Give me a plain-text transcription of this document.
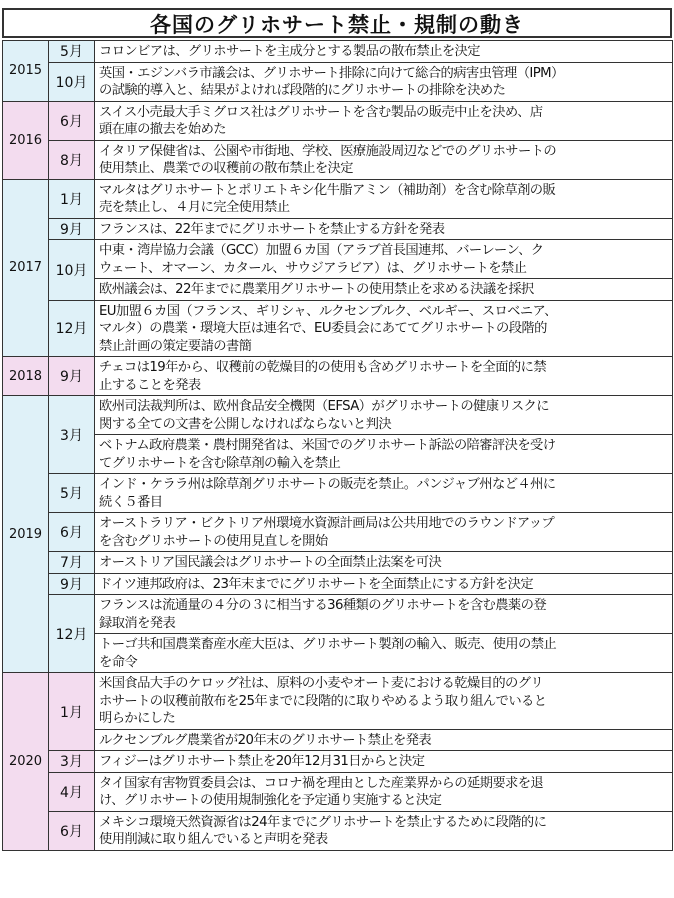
各国のグリホサート禁止・規制の動き
2015	5月	コロンビアは、グリホサートを主成分とする製品の散布禁止を決定

	10月	英国・エジンバラ市議会は、グリホサート排除に向けて総合的病害虫管理（IPM）
の試験的導入と、結果がよければ段階的にグリホサートの排除を決めた

2016	6月	スイス小売最大手ミグロス社はグリホサートを含む製品の販売中止を決め、店
頭在庫の撤去を始めた

	8月	イタリア保健省は、公園や市街地、学校、医療施設周辺などでのグリホサートの
使用禁止、農業での収穫前の散布禁止を決定

2017	1月	マルタはグリホサートとポリエトキシ化牛脂アミン（補助剤）を含む除草剤の販
売を禁止し、４月に完全使用禁止

	9月	フランスは、22年までにグリホサートを禁止する方針を発表

	10月	中東・湾岸協力会議（GCC）加盟６カ国（アラブ首長国連邦、バーレーン、ク
ウェート、オマーン、カタール、サウジアラビア）は、グリホサートを禁止

		欧州議会は、22年までに農業用グリホサートの使用禁止を求める決議を採択

	12月	EU加盟６カ国（フランス、ギリシャ、ルクセンブルク、ベルギー、スロベニア、
マルタ）の農業・環境大臣は連名で、EU委員会にあててグリホサートの段階的
禁止計画の策定要請の書簡

2018	9月	チェコは19年から、収穫前の乾燥目的の使用も含めグリホサートを全面的に禁
止することを発表

2019	3月	欧州司法裁判所は、欧州食品安全機関（EFSA）がグリホサートの健康リスクに
関する全ての文書を公開しなければならないと判決

		ベトナム政府農業・農村開発省は、米国でのグリホサート訴訟の陪審評決を受け
てグリホサートを含む除草剤の輸入を禁止

	5月	インド・ケララ州は除草剤グリホサートの販売を禁止。パンジャブ州など４州に
続く５番目

	6月	オーストラリア・ビクトリア州環境水資源計画局は公共用地でのラウンドアップ
を含むグリホサートの使用見直しを開始

	7月	オーストリア国民議会はグリホサートの全面禁止法案を可決

	9月	ドイツ連邦政府は、23年末までにグリホサートを全面禁止にする方針を決定

	12月	フランスは流通量の４分の３に相当する36種類のグリホサートを含む農薬の登
録取消を発表

		トーゴ共和国農業畜産水産大臣は、グリホサート製剤の輸入、販売、使用の禁止
を命令

2020	1月	米国食品大手のケロッグ社は、原料の小麦やオート麦における乾燥目的のグリ
ホサートの収穫前散布を25年までに段階的に取りやめるよう取り組んでいると
明らかにした

		ルクセンブルグ農業省が20年末のグリホサート禁止を発表

	3月	フィジーはグリホサート禁止を20年12月31日からと決定

	4月	タイ国家有害物質委員会は、コロナ禍を理由とした産業界からの延期要求を退
け、グリホサートの使用規制強化を予定通り実施すると決定

	6月	メキシコ環境天然資源省は24年までにグリホサートを禁止するために段階的に
使用削減に取り組んでいると声明を発表
